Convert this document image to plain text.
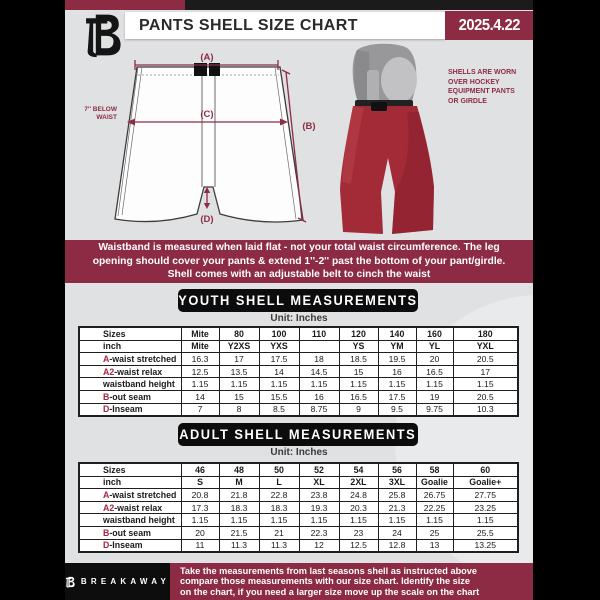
PANTS SHELL SIZE CHART	2025.4.22
(A)
(B)
(C)
(D)
7'' BELOW
WAIST
SHELLS ARE WORN
OVER HOCKEY
EQUIPMENT PANTS
OR GIRDLE
Waistband is measured when laid flat - not your total waist circumference. The leg
opening should cover your pants & extend 1''-2'' past the bottom of your pant/girdle.
Shell comes with an adjustable belt to cinch the waist
YOUTH SHELL MEASUREMENTS
Unit: Inches
Sizes	Mite	80	100	110	120	140	160	180
inch	Mite	Y2XS	YXS		YS	YM	YL	YXL
A-waist stretched	16.3	17	17.5	18	18.5	19.5	20	20.5
A2-waist relax	12.5	13.5	14	14.5	15	16	16.5	17
waistband height	1.15	1.15	1.15	1.15	1.15	1.15	1.15	1.15
B-out seam	14	15	15.5	16	16.5	17.5	19	20.5
D-Inseam	7	8	8.5	8.75	9	9.5	9.75	10.3
ADULT SHELL MEASUREMENTS
Unit: Inches
Sizes	46	48	50	52	54	56	58	60
inch	S	M	L	XL	2XL	3XL	Goalie	Goalie+
A-waist stretched	20.8	21.8	22.8	23.8	24.8	25.8	26.75	27.75
A2-waist relax	17.3	18.3	18.3	19.3	20.3	21.3	22.25	23.25
waistband height	1.15	1.15	1.15	1.15	1.15	1.15	1.15	1.15
B-out seam	20	21.5	21	22.3	23	24	25	25.5
D-Inseam	11	11.3	11.3	12	12.5	12.8	13	13.25
BREAKAWAY
Take the measurements from last seasons shell as instructed above
compare those measurements with our size chart. Identify the size
on the chart, if you need a larger size move up the scale on the chart
